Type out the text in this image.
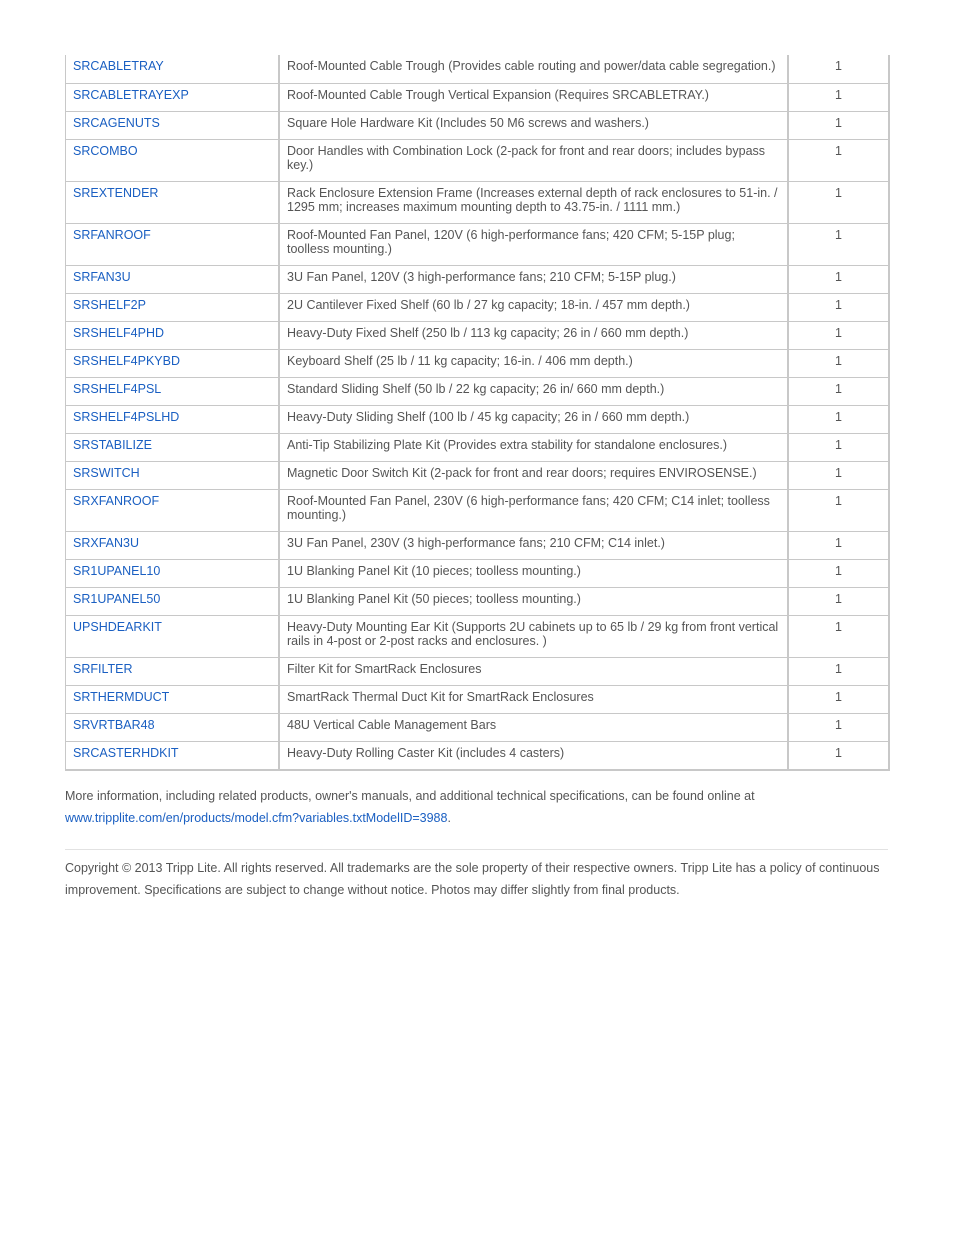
SRCABLETRAY	Roof-Mounted Cable Trough (Provides cable routing and power/data cable segregation.)	1
SRCABLETRAYEXP	Roof-Mounted Cable Trough Vertical Expansion (Requires SRCABLETRAY.)	1
SRCAGENUTS	Square Hole Hardware Kit (Includes 50 M6 screws and washers.)	1
SRCOMBO	Door Handles with Combination Lock (2-pack for front and rear doors; includes bypass key.)	1
SREXTENDER	Rack Enclosure Extension Frame (Increases external depth of rack enclosures to 51-in. / 1295 mm; increases maximum mounting depth to 43.75-in. / 1111 mm.)	1
SRFANROOF	Roof-Mounted Fan Panel, 120V (6 high-performance fans; 420 CFM; 5-15P plug; toolless mounting.)	1
SRFAN3U	3U Fan Panel, 120V (3 high-performance fans; 210 CFM; 5-15P plug.)	1
SRSHELF2P	2U Cantilever Fixed Shelf (60 lb / 27 kg capacity; 18-in. / 457 mm depth.)	1
SRSHELF4PHD	Heavy-Duty Fixed Shelf (250 lb / 113 kg capacity; 26 in / 660 mm depth.)	1
SRSHELF4PKYBD	Keyboard Shelf (25 lb / 11 kg capacity; 16-in. / 406 mm depth.)	1
SRSHELF4PSL	Standard Sliding Shelf (50 lb / 22 kg capacity; 26 in/ 660 mm depth.)	1
SRSHELF4PSLHD	Heavy-Duty Sliding Shelf (100 lb / 45 kg capacity; 26 in / 660 mm depth.)	1
SRSTABILIZE	Anti-Tip Stabilizing Plate Kit (Provides extra stability for standalone enclosures.)	1
SRSWITCH	Magnetic Door Switch Kit (2-pack for front and rear doors; requires ENVIROSENSE.)	1
SRXFANROOF	Roof-Mounted Fan Panel, 230V (6 high-performance fans; 420 CFM; C14 inlet; toolless mounting.)	1
SRXFAN3U	3U Fan Panel, 230V (3 high-performance fans; 210 CFM; C14 inlet.)	1
SR1UPANEL10	1U Blanking Panel Kit (10 pieces; toolless mounting.)	1
SR1UPANEL50	1U Blanking Panel Kit (50 pieces; toolless mounting.)	1
UPSHDEARKIT	Heavy-Duty Mounting Ear Kit (Supports 2U cabinets up to 65 lb / 29 kg from front vertical rails in 4-post or 2-post racks and enclosures. )	1
SRFILTER	Filter Kit for SmartRack Enclosures	1
SRTHERMDUCT	SmartRack Thermal Duct Kit for SmartRack Enclosures	1
SRVRTBAR48	48U Vertical Cable Management Bars	1
SRCASTERHDKIT	Heavy-Duty Rolling Caster Kit (includes 4 casters)	1
More information, including related products, owner's manuals, and additional technical specifications, can be found online at
www.tripplite.com/en/products/model.cfm?variables.txtModelID=3988.
Copyright © 2013 Tripp Lite. All rights reserved. All trademarks are the sole property of their respective owners. Tripp Lite has a policy of continuous improvement. Specifications are subject to change without notice. Photos may differ slightly from final products.
